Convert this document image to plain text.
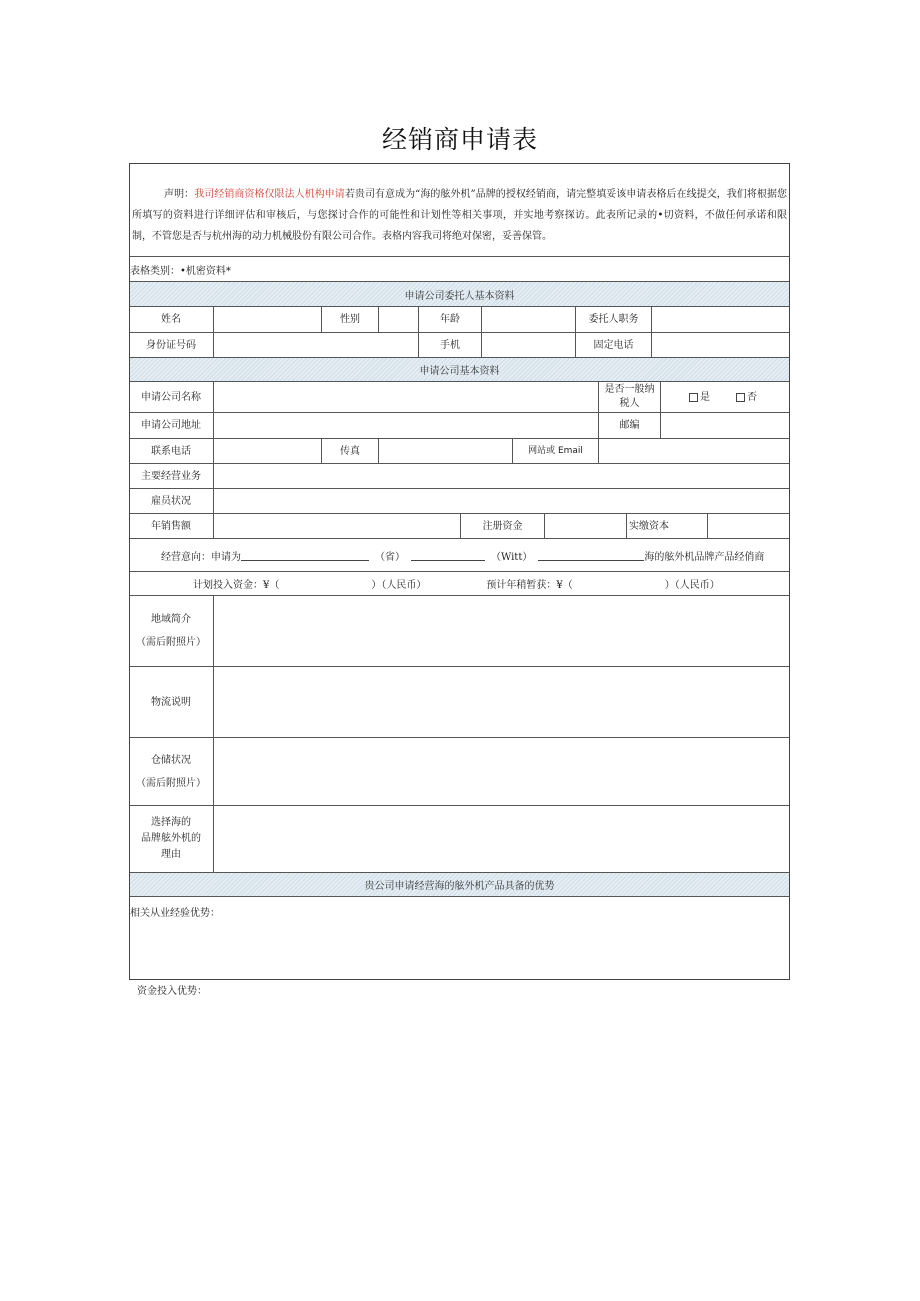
经销商申请表
声明：我司经销商资格仅限法人机构申请若贵司有意成为“海的舷外机”品牌的授权经销商，请完整填妥该申请表格后在线提交，我们将根据您所填写的资料进行详细评估和审核后，与您探讨合作的可能性和计划性等相关事项，并实地考察探访。此表所记录的•切资料，不做任何承诺和限制，不管您是否与杭州海的动力机械股份有限公司合作。表格内容我司将绝对保密，妥善保管。
表格类别：•机密资料*
申请公司委托人基本资料
姓名	性别	年龄	委托人职务
身份证号码	手机	固定电话
申请公司基本资料
申请公司名称
是否一般纳
税人
是	否
申请公司地址	邮编
联系电话	传真	网站或 Email
主要经营业务
雇员状况
年销售额	注册资金	实缴资本
经营意向：申请为	（省）	（Witt）	海的舷外机品牌产品经俏商
计划投入资金：¥（	）（人民币）	预计年稍暂获：¥（	）（人民币）
地域简介
（需后附照片）
物流说明
仓储状况
（需后附照片）
选择海的
品牌舷外机的
理由
贵公司申请经营海的舷外机产品具备的优势
相关从业经验优势：
资金投入优势：
